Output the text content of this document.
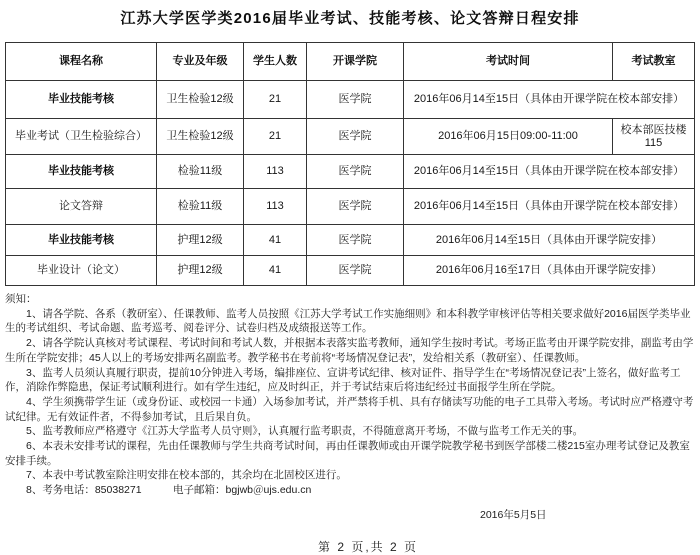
江苏大学医学类2016届毕业考试、技能考核、论文答辩日程安排
课程名称	专业及年级	学生人数	开课学院	考试时间	考试教室
毕业技能考核	卫生检验12级	21	医学院	2016年06月14至15日（具体由开课学院在校本部安排）	
毕业考试（卫生检验综合）	卫生检验12级	21	医学院	2016年06月15日09:00-11:00	校本部医技楼115
毕业技能考核	检验11级	113	医学院	2016年06月14至15日（具体由开课学院在校本部安排）	
论文答辩	检验11级	113	医学院	2016年06月14至15日（具体由开课学院在校本部安排）	
毕业技能考核	护理12级	41	医学院	2016年06月14至15日（具体由开课学院安排）	
毕业设计（论文）	护理12级	41	医学院	2016年06月16至17日（具体由开课学院安排）	

须知：

1、请各学院、各系（教研室）、任课教师、监考人员按照《江苏大学考试工作实施细则》和本科教学审核评估等相关要求做好2016届医学类毕业生的考试组织、考试命题、监考巡考、阅卷评分、试卷归档及成绩报送等工作。

2、请各学院认真核对考试课程、考试时间和考试人数，并根据本表落实监考教师，通知学生按时考试。考场正监考由开课学院安排，副监考由学生所在学院安排；45人以上的考场安排两名副监考。教学秘书在考前将“考场情况登记表”，发给相关系（教研室）、任课教师。

3、监考人员须认真履行职责，提前10分钟进入考场，编排座位、宣讲考试纪律、核对证件、指导学生在“考场情况登记表”上签名，做好监考工作，消除作弊隐患，保证考试顺利进行。如有学生违纪，应及时纠正，并于考试结束后将违纪经过书面报学生所在学院。

4、学生须携带学生证（或身份证、或校园一卡通）入场参加考试，并严禁将手机、具有存储读写功能的电子工具带入考场。考试时应严格遵守考试纪律。无有效证件者，不得参加考试，且后果自负。

5、监考教师应严格遵守《江苏大学监考人员守则》，认真履行监考职责，不得随意离开考场，不做与监考工作无关的事。

6、本表未安排考试的课程，先由任课教师与学生共商考试时间，再由任课教师或由开课学院教学秘书到医学部楼二楼215室办理考试登记及教室安排手续。

7、本表中考试教室除注明安排在校本部的，其余均在北固校区进行。

8、考务电话：85038271　　　电子邮箱：bgjwb＠ujs.edu.cn

2016年5月5日

第 2 页,共 2 页
